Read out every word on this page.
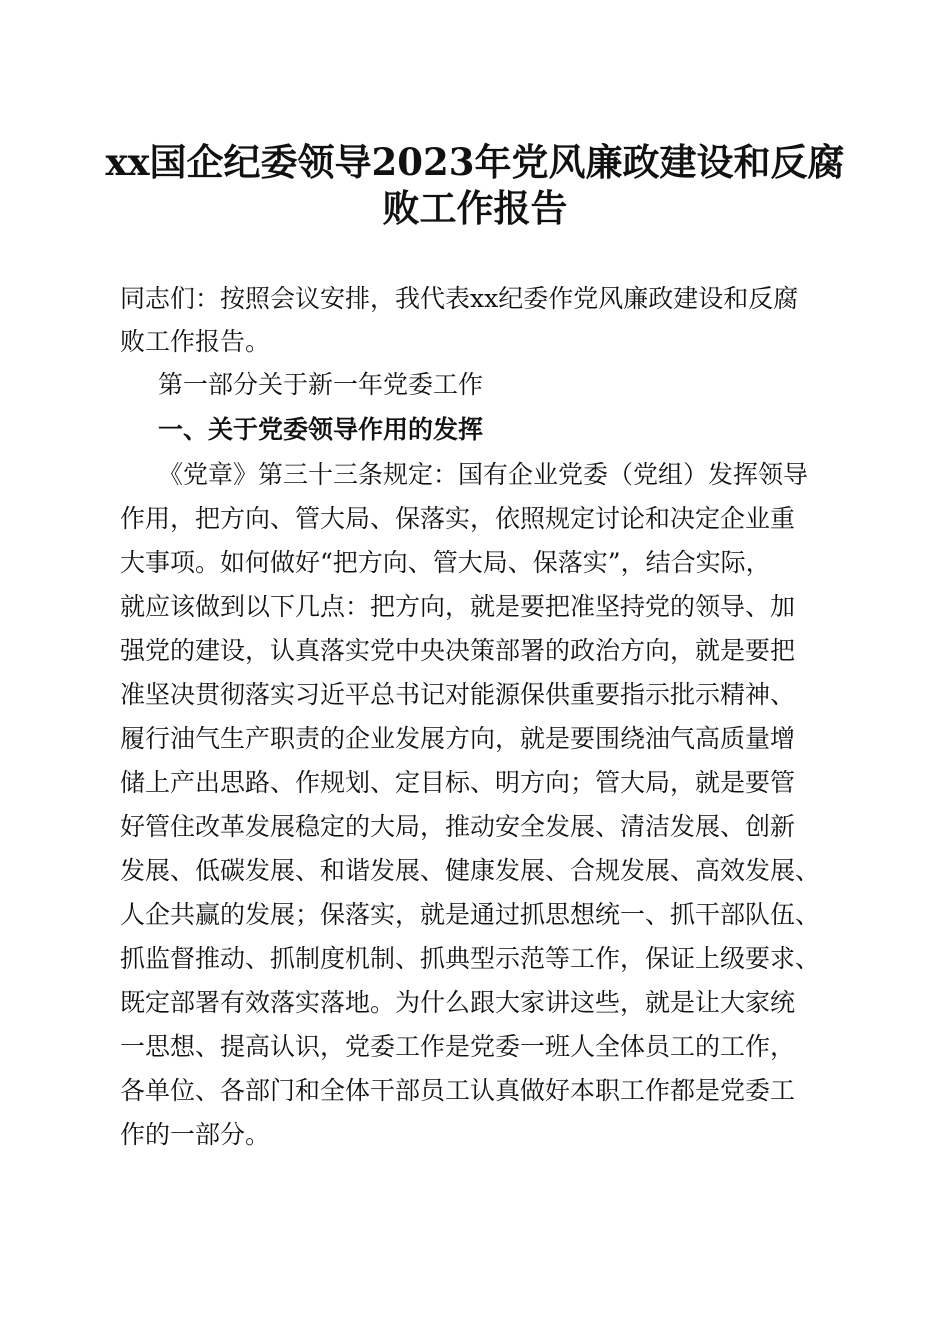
xx国企纪委领导2023年党风廉政建设和反腐
败工作报告
同志们：按照会议安排，我代表xx纪委作党风廉政建设和反腐
败工作报告。
第一部分关于新一年党委工作
一、关于党委领导作用的发挥
《党章》第三十三条规定：国有企业党委（党组）发挥领导
作用，把方向、管大局、保落实，依照规定讨论和决定企业重
大事项。如何做好“把方向、管大局、保落实”，结合实际，
就应该做到以下几点：把方向，就是要把准坚持党的领导、加
强党的建设，认真落实党中央决策部署的政治方向，就是要把
准坚决贯彻落实习近平总书记对能源保供重要指示批示精神、
履行油气生产职责的企业发展方向，就是要围绕油气高质量增
储上产出思路、作规划、定目标、明方向；管大局，就是要管
好管住改革发展稳定的大局，推动安全发展、清洁发展、创新
发展、低碳发展、和谐发展、健康发展、合规发展、高效发展、
人企共赢的发展；保落实，就是通过抓思想统一、抓干部队伍、
抓监督推动、抓制度机制、抓典型示范等工作，保证上级要求、
既定部署有效落实落地。为什么跟大家讲这些，就是让大家统
一思想、提高认识，党委工作是党委一班人全体员工的工作，
各单位、各部门和全体干部员工认真做好本职工作都是党委工
作的一部分。
